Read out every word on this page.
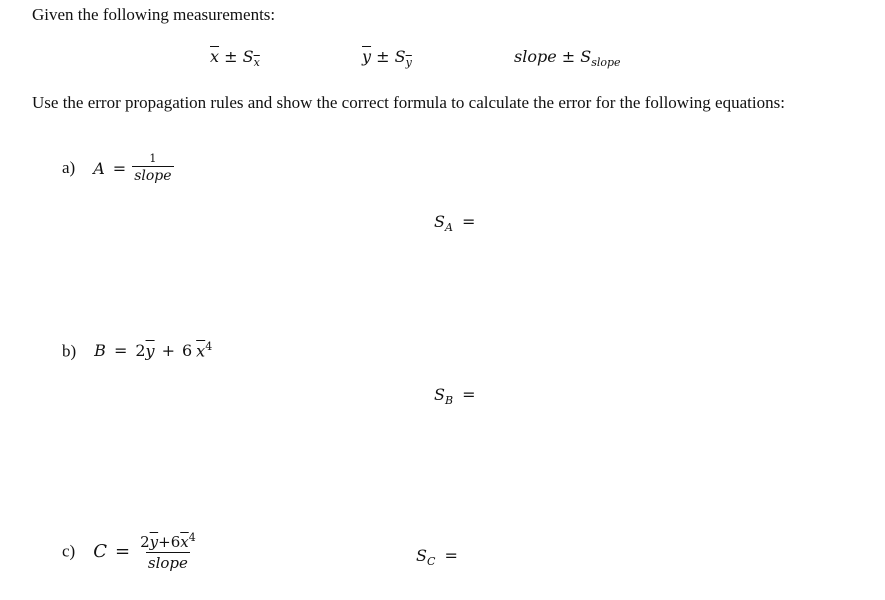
Given the following measurements:
$\overline{x} \pm S_{\overline{x}}$	$\overline{y} \pm S_{\overline{y}}$	slope ± $S_{slope}$
Use the error propagation rules and show the correct formula to calculate the error for the following equations:
a) $A = \frac{1}{\text{slope}}$
$S_A$ =
b) $B = 2\overline{y} + 6$ $\overline{x}^4$
$S_B$ =
c) $C = \frac{2\overline{y}+6\overline{x}^4}{\text{slope}}$	$S_C$ =
